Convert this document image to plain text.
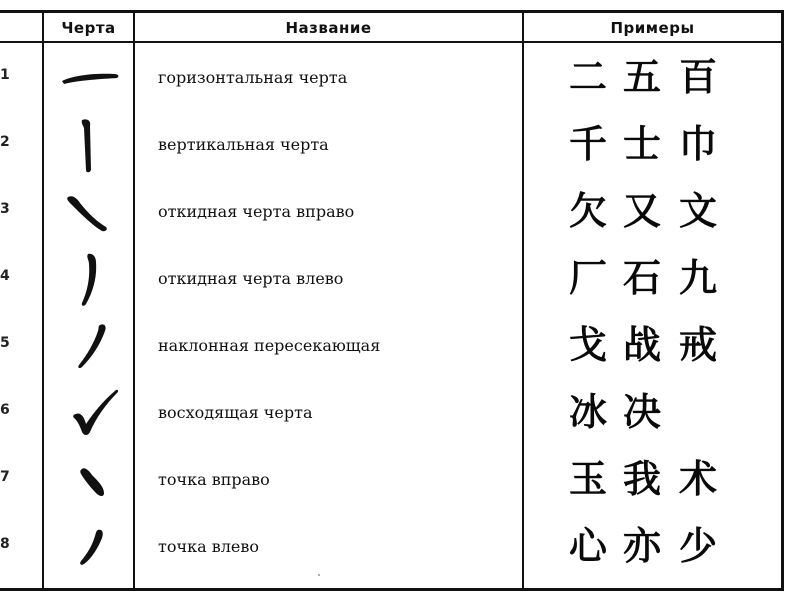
Черта	Название	Примеры
1	горизонтальная черта	二 五 百
2	вертикальная черта	千 士 巾
3	откидная черта вправо	欠 又 文
4	откидная черта влево	厂 石 九
5	наклонная пересекающая	戈 战 戒
6	восходящая черта	冰 决
7	точка вправо	玉 我 术
8	точка влево	心 亦 少
